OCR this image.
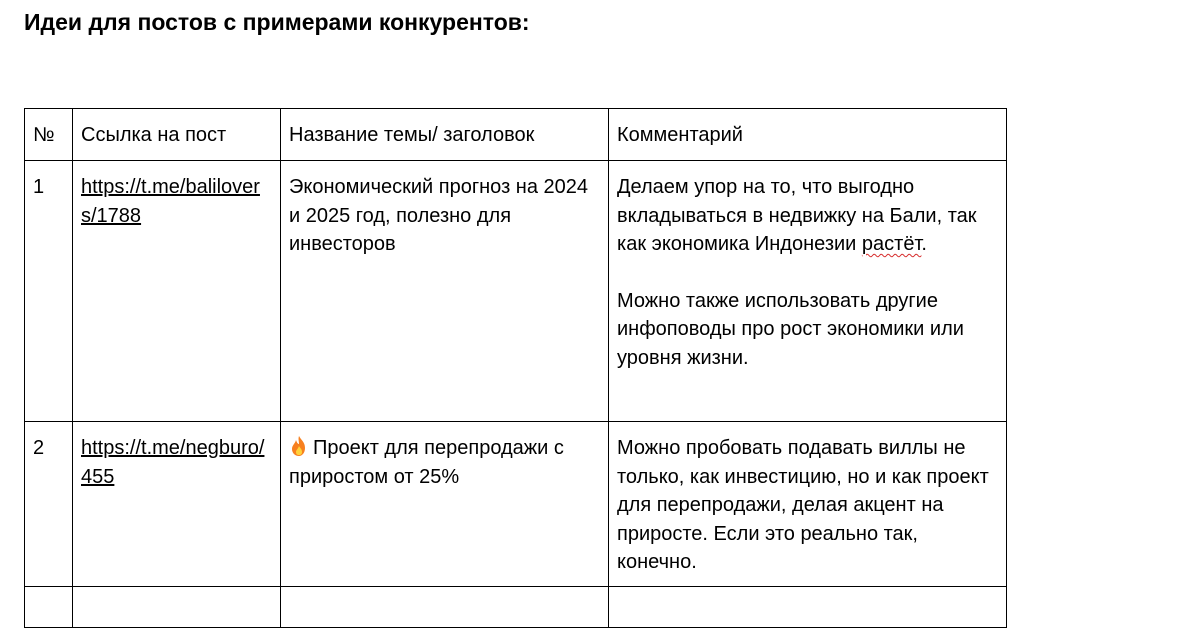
Идеи для постов с примерами конкурентов:
№	Ссылка на пост	Название темы/ заголовок	Комментарий
1	https://t.me/balilovers/1788	Экономический прогноз на 2024 и 2025 год, полезно для инвесторов	Делаем упор на то, что выгодно вкладываться в недвижку на Бали, так как экономика Индонезии растёт.

Можно также использовать другие инфоповоды про рост экономики или уровня жизни.

2	https://t.me/negburo/455	Проект для перепродажи с приростом от 25%	Можно пробовать подавать виллы не только, как инвестицию, но и как проект для перепродажи, делая акцент на приросте. Если это реально так, конечно.
